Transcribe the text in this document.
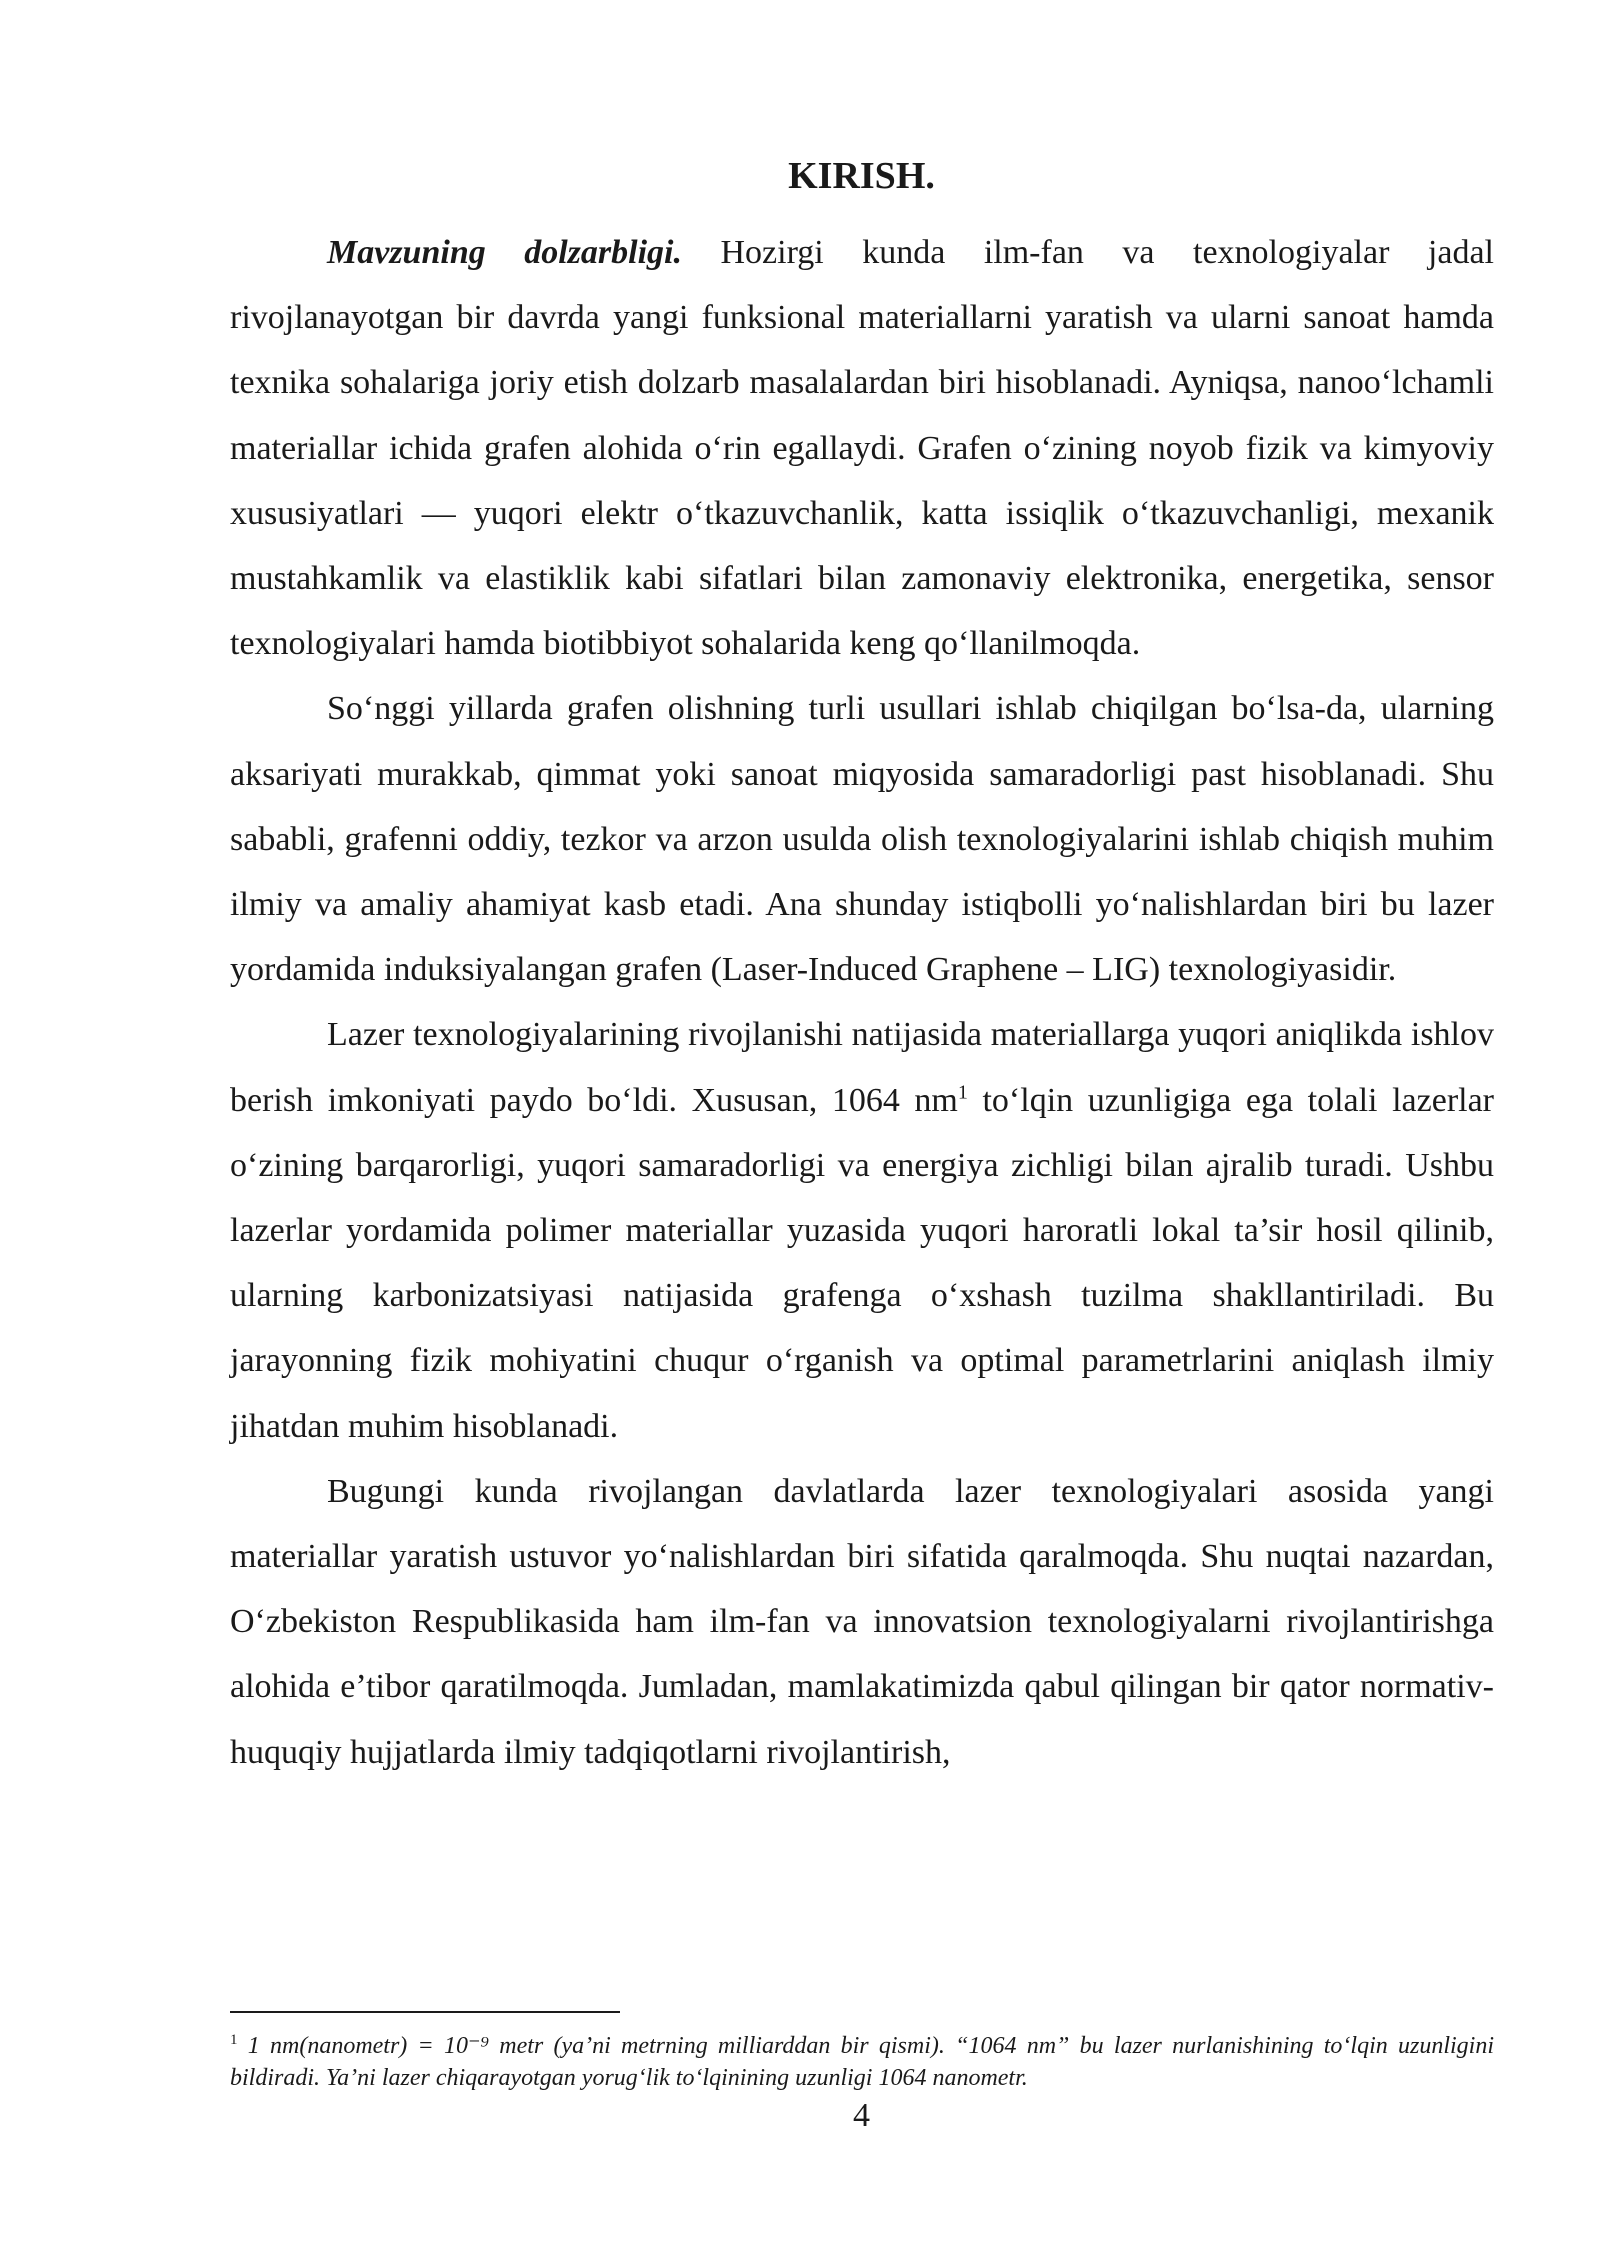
KIRISH.

Mavzuning dolzarbligi. Hozirgi kunda ilm-fan va texnologiyalar jadal rivojlanayotgan bir davrda yangi funksional materiallarni yaratish va ularni sanoat hamda texnika sohalariga joriy etish dolzarb masalalardan biri hisoblanadi. Ayniqsa, nanoo‘lchamli materiallar ichida grafen alohida o‘rin egallaydi. Grafen o‘zining noyob fizik va kimyoviy xususiyatlari — yuqori elektr o‘tkazuvchanlik, katta issiqlik o‘tkazuvchanligi, mexanik mustahkamlik va elastiklik kabi sifatlari bilan zamonaviy elektronika, energetika, sensor texnologiyalari hamda biotibbiyot sohalarida keng qo‘llanilmoqda.

So‘nggi yillarda grafen olishning turli usullari ishlab chiqilgan bo‘lsa-da, ularning aksariyati murakkab, qimmat yoki sanoat miqyosida samaradorligi past hisoblanadi. Shu sababli, grafenni oddiy, tezkor va arzon usulda olish texnologiyalarini ishlab chiqish muhim ilmiy va amaliy ahamiyat kasb etadi. Ana shunday istiqbolli yo‘nalishlardan biri bu lazer yordamida induksiyalangan grafen (Laser-Induced Graphene – LIG) texnologiyasidir.

Lazer texnologiyalarining rivojlanishi natijasida materiallarga yuqori aniqlikda ishlov berish imkoniyati paydo bo‘ldi. Xususan, 1064 $nm^1$ to‘lqin uzunligiga ega tolali lazerlar o‘zining barqarorligi, yuqori samaradorligi va energiya zichligi bilan ajralib turadi. Ushbu lazerlar yordamida polimer materiallar yuzasida yuqori haroratli lokal ta’sir hosil qilinib, ularning karbonizatsiyasi natijasida grafenga o‘xshash tuzilma shakllantiriladi. Bu jarayonning fizik mohiyatini chuqur o‘rganish va optimal parametrlarini aniqlash ilmiy jihatdan muhim hisoblanadi.

Bugungi kunda rivojlangan davlatlarda lazer texnologiyalari asosida yangi materiallar yaratish ustuvor yo‘nalishlardan biri sifatida qaralmoqda. Shu nuqtai nazardan, O‘zbekiston Respublikasida ham ilm-fan va innovatsion texnologiyalarni rivojlantirishga alohida e’tibor qaratilmoqda. Jumladan, mamlakatimizda qabul qilingan bir qator normativ-huquqiy hujjatlarda ilmiy tadqiqotlarni rivojlantirish,

$^1$ 1 nm(nanometr) = 10⁻⁹ metr (ya’ni metrning milliarddan bir qismi). “1064 nm” bu lazer nurlanishining to‘lqin uzunligini bildiradi. Ya’ni lazer chiqarayotgan yorug‘lik to‘lqinining uzunligi 1064 nanometr.

4
